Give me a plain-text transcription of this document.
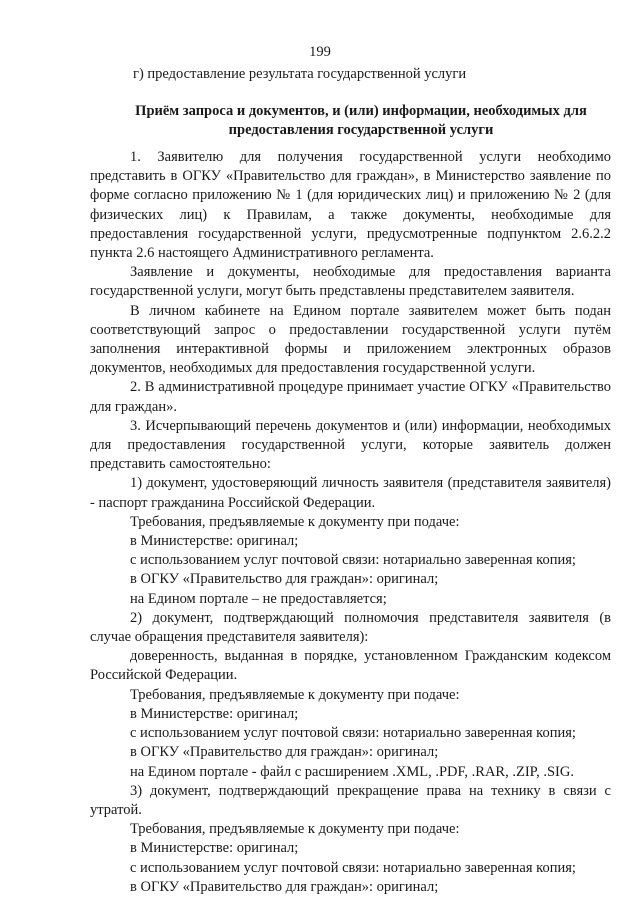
199
г) предоставление результата государственной услуги
Приём запроса и документов, и (или) информации, необходимых для предоставления государственной услуги

1. Заявителю для получения государственной услуги необходимо представить в ОГКУ «Правительство для граждан», в Министерство заявление по форме согласно приложению № 1 (для юридических лиц) и приложению № 2 (для физических лиц) к Правилам, а также документы, необходимые для предоставления государственной услуги, предусмотренные подпунктом 2.6.2.2 пункта 2.6 настоящего Административного регламента.

Заявление и документы, необходимые для предоставления варианта государственной услуги, могут быть представлены представителем заявителя.

В личном кабинете на Едином портале заявителем может быть подан соответствующий запрос о предоставлении государственной услуги путём заполнения интерактивной формы и приложением электронных образов документов, необходимых для предоставления государственной услуги.

2. В административной процедуре принимает участие ОГКУ «Правительство для граждан».

3. Исчерпывающий перечень документов и (или) информации, необходимых для предоставления государственной услуги, которые заявитель должен представить самостоятельно:

1) документ, удостоверяющий личность заявителя (представителя заявителя) - паспорт гражданина Российской Федерации.

Требования, предъявляемые к документу при подаче:

в Министерстве: оригинал;

с использованием услуг почтовой связи: нотариально заверенная копия;

в ОГКУ «Правительство для граждан»: оригинал;

на Едином портале – не предоставляется;

2) документ, подтверждающий полномочия представителя заявителя (в случае обращения представителя заявителя):

доверенность, выданная в порядке, установленном Гражданским кодексом Российской Федерации.

Требования, предъявляемые к документу при подаче:

в Министерстве: оригинал;

с использованием услуг почтовой связи: нотариально заверенная копия;

в ОГКУ «Правительство для граждан»: оригинал;

на Едином портале - файл с расширением .XML, .PDF, .RAR, .ZIP, .SIG.

3) документ, подтверждающий прекращение права на технику в связи с утратой.

Требования, предъявляемые к документу при подаче:

в Министерстве: оригинал;

с использованием услуг почтовой связи: нотариально заверенная копия;

в ОГКУ «Правительство для граждан»: оригинал;
